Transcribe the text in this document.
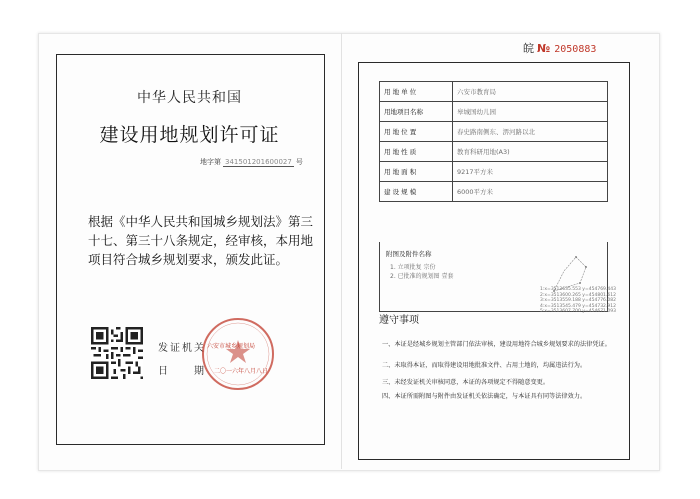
中华人民共和国
建设用地规划许可证
地字第 341501201600027 号
根据《中华人民共和国城乡规划法》第三十七、第三十八条规定，经审核，本用地项目符合城乡规划要求，颁发此证。
发证机关
日	期
六安市城乡规划局
二〇一六年八月八日
皖 № 2050883
用 地 单 位	六安市教育局
用地项目名称	皋城国幼儿园
用 地 位 置	春史路南侧东、淠河路以北
用 地 性 质	教育科研用地(A3)
用 地 面 积	9217平方米
建 设 规 模	6000平方米
附图及附件名称
1. 立项批复 宗份
2. 已批准的规划图 壹套
1:x=3513635.553 y=454769.443
2:x=3513600.265 y=454801.612
3:x=3513559.188 y=454776.082
4:x=3513545.479 y=454732.912
5:x=3513607.700 y=454671.093
遵守事项
一、本证是经城乡规划主管部门依法审核，建设用地符合城乡规划要求的法律凭证。
二、未取得本证，而取得建设用地批准文件、占用土地的，均属违法行为。
三、未经发证机关审核同意，本证的各项规定不得随意变更。
四、本证所需附图与附件由发证机关依法确定，与本证具有同等法律效力。
